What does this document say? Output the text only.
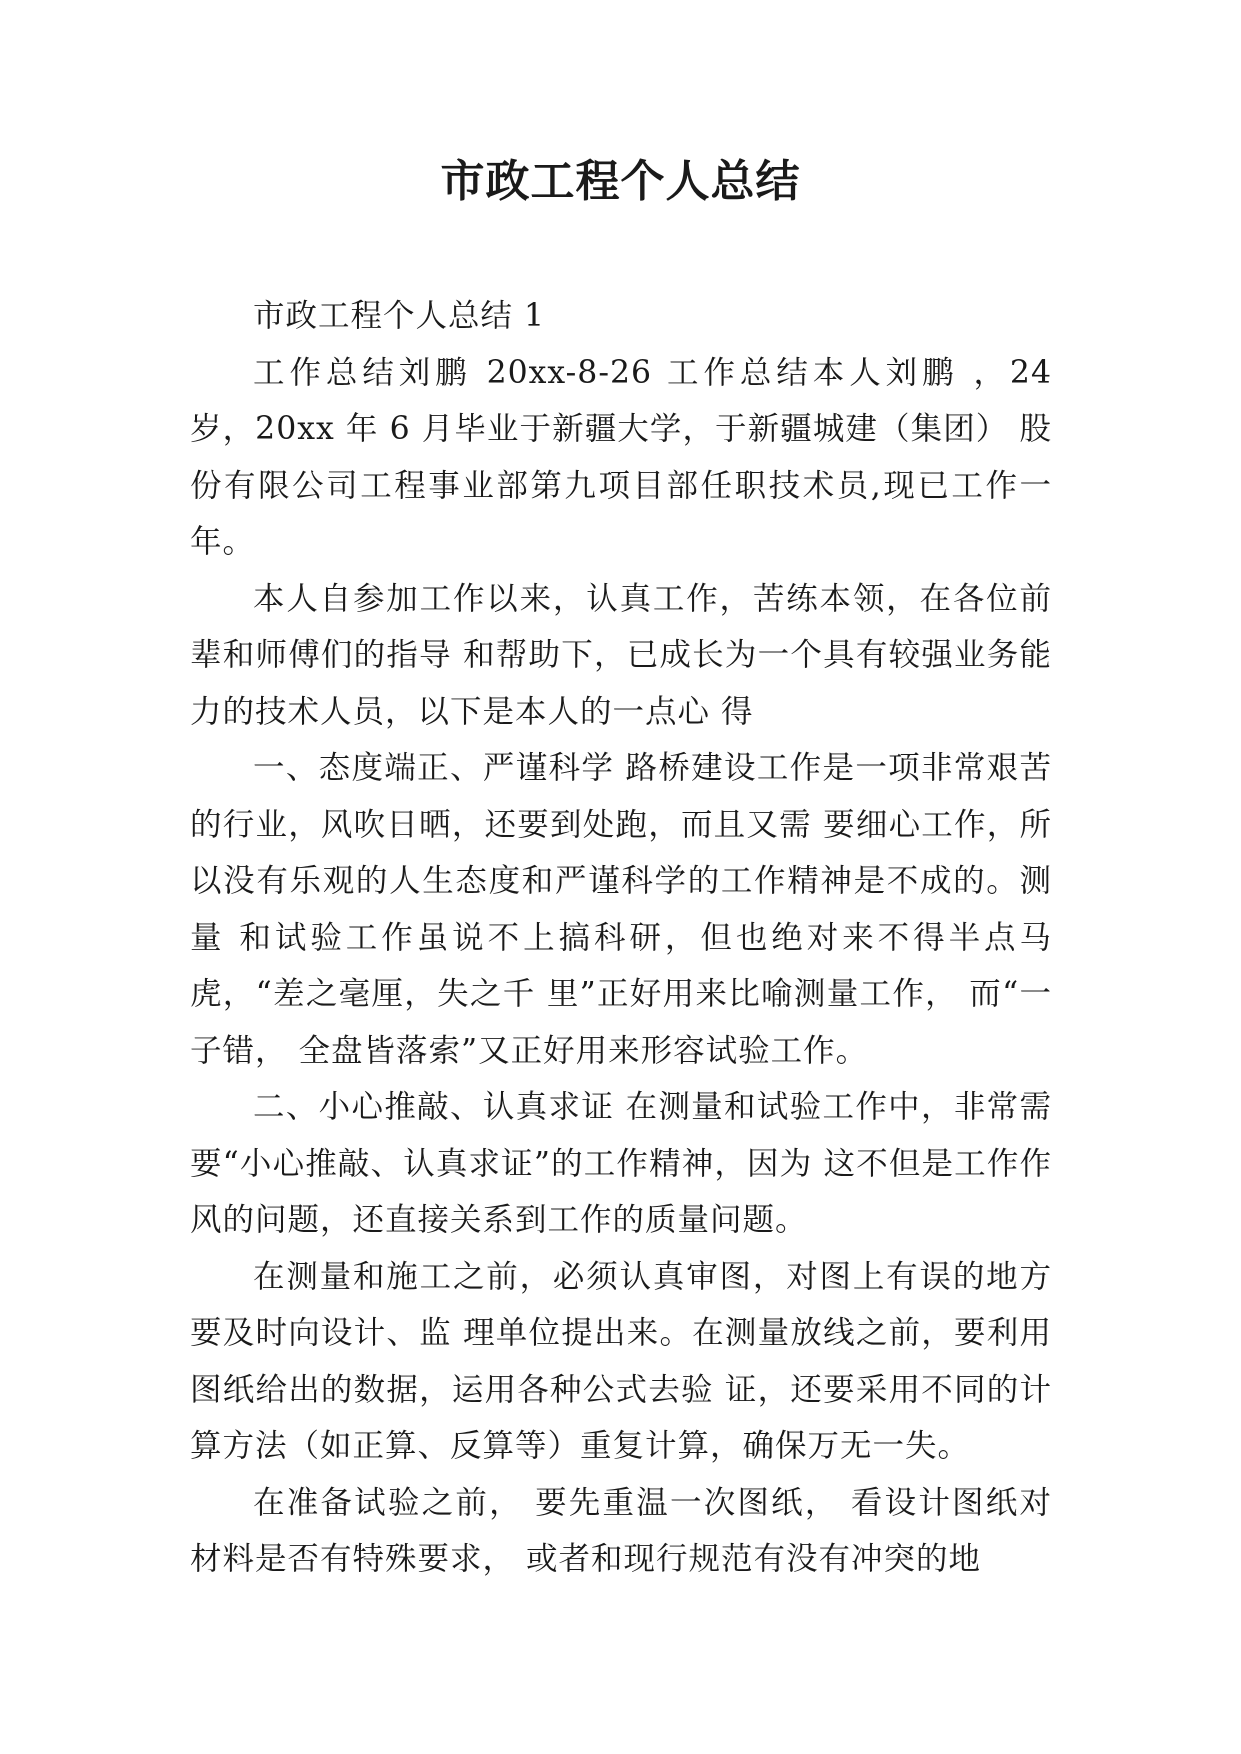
市政工程个人总结

市政工程个人总结 1

工作总结刘鹏 20xx-8-26 工作总结本人刘鹏 ，24 岁，20xx 年 6 月毕业于新疆大学，于新疆城建（集团） 股份有限公司工程事业部第九项目部任职技术员,现已工作一年。

本人自参加工作以来，认真工作，苦练本领，在各位前辈和师傅们的指导 和帮助下，已成长为一个具有较强业务能力的技术人员，以下是本人的一点心 得

一、态度端正、严谨科学 路桥建设工作是一项非常艰苦的行业，风吹日晒，还要到处跑，而且又需 要细心工作，所以没有乐观的人生态度和严谨科学的工作精神是不成的。测量 和试验工作虽说不上搞科研，但也绝对来不得半点马虎，“差之毫厘，失之千 里”正好用来比喻测量工作， 而“一子错， 全盘皆落索”又正好用来形容试验工作。

二、小心推敲、认真求证 在测量和试验工作中，非常需要“小心推敲、认真求证”的工作精神，因为 这不但是工作作风的问题，还直接关系到工作的质量问题。

在测量和施工之前，必须认真审图，对图上有误的地方要及时向设计、监 理单位提出来。在测量放线之前，要利用图纸给出的数据，运用各种公式去验 证，还要采用不同的计算方法（如正算、反算等）重复计算，确保万无一失。

在准备试验之前， 要先重温一次图纸， 看设计图纸对材料是否有特殊要求， 或者和现行规范有没有冲突的地
